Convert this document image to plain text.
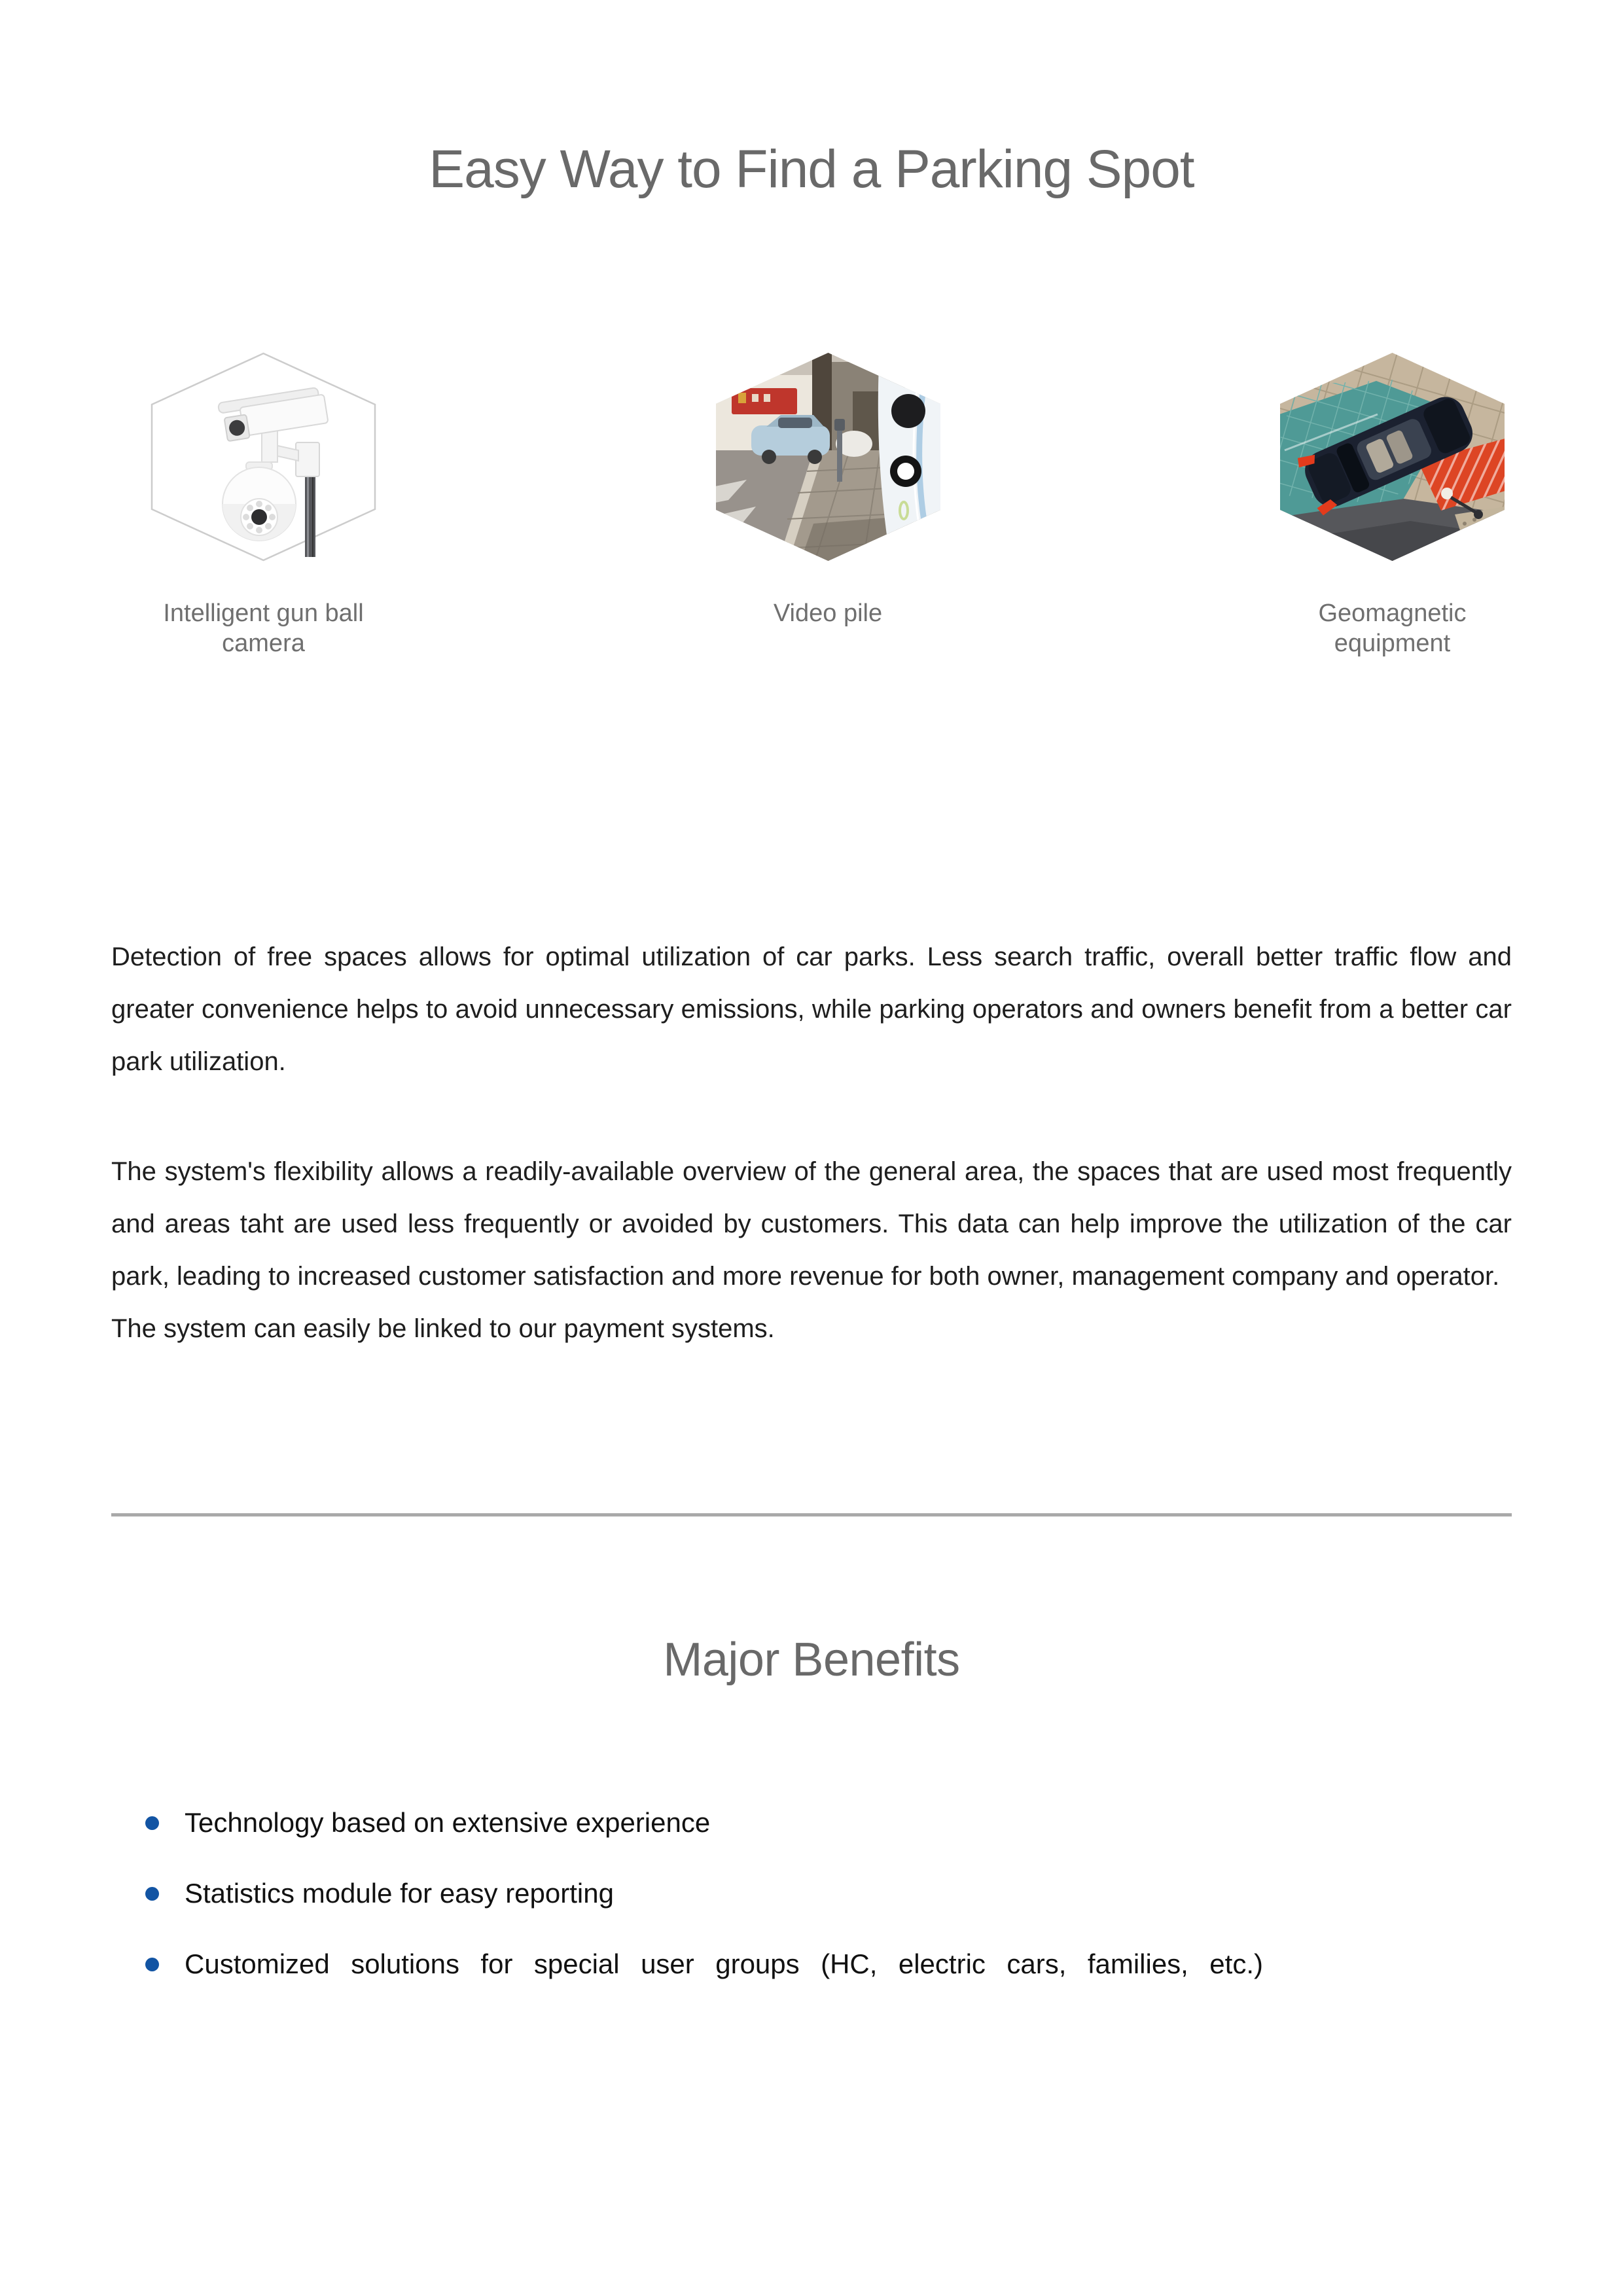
Easy Way to Find a Parking Spot
Intelligent gun ball camera
Video pile	Geomagnetic equipment

Detection of free spaces allows for optimal utilization of car parks. Less search traffic, overall better traffic flow and greater convenience helps to avoid unnecessary emissions, while parking operators and owners benefit from a better car park utilization.

The system's flexibility allows a readily-available overview of the general area, the spaces that are used most frequently and areas taht are used less frequently or avoided by customers. This data can help improve the utilization of the car park, leading to increased customer satisfaction and more revenue for both owner, management company and operator.

The system can easily be linked to our payment systems.

Major Benefits
Technology based on extensive experience
Statistics module for easy reporting
Customized solutions for special user groups (HC, electric cars, families, etc.)
